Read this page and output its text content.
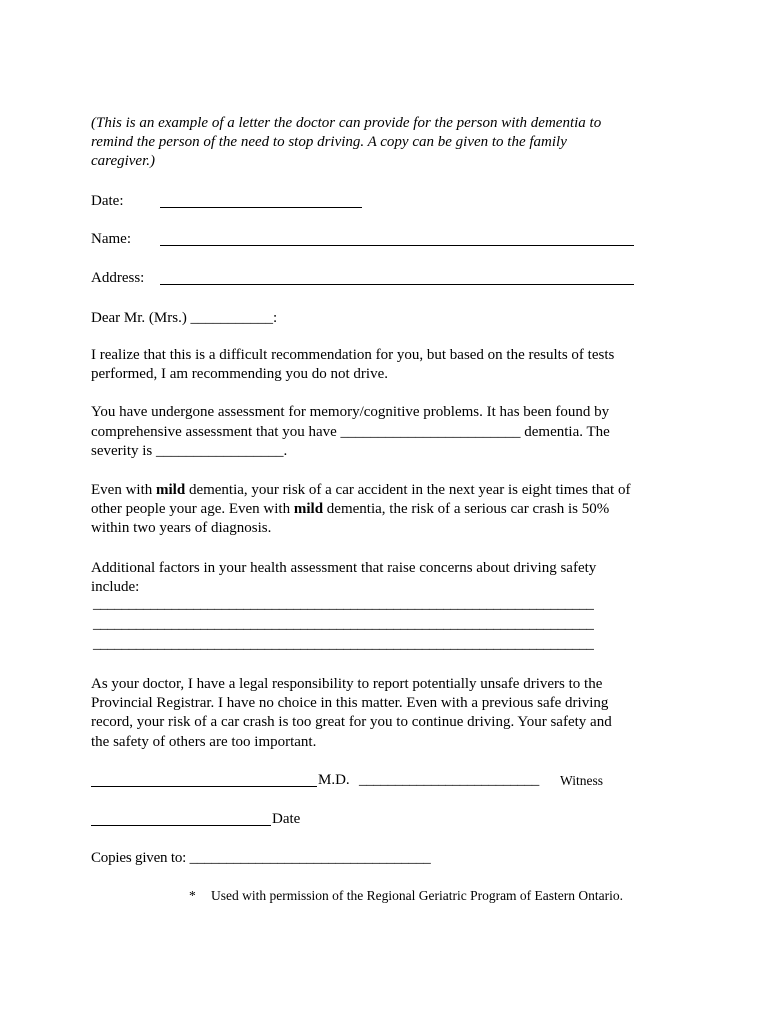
(This is an example of a letter the doctor can provide for the person with dementia to
remind the person of the need to stop driving. A copy can be given to the family
caregiver.)
Date:
Name:
Address:
Dear Mr. (Mrs.) ___________:
I realize that this is a difficult recommendation for you, but based on the results of tests
performed, I am recommending you do not drive.
You have undergone assessment for memory/cognitive problems. It has been found by
comprehensive assessment that you have ________________________ dementia. The
severity is _________________.
Even with mild dementia, your risk of a car accident in the next year is eight times that of
other people your age. Even with mild dementia, the risk of a serious car crash is 50%
within two years of diagnosis.
Additional factors in your health assessment that raise concerns about driving safety
include:
______________________________________________________________________
______________________________________________________________________
______________________________________________________________________
As your doctor, I have a legal responsibility to report potentially unsafe drivers to the
Provincial Registrar. I have no choice in this matter. Even with a previous safe driving
record, your risk of a car crash is too great for you to continue driving. Your safety and
the safety of others are too important.
M.D. _________________________ Witness
Date
Copies given to: _________________________________
* Used with permission of the Regional Geriatric Program of Eastern Ontario.
